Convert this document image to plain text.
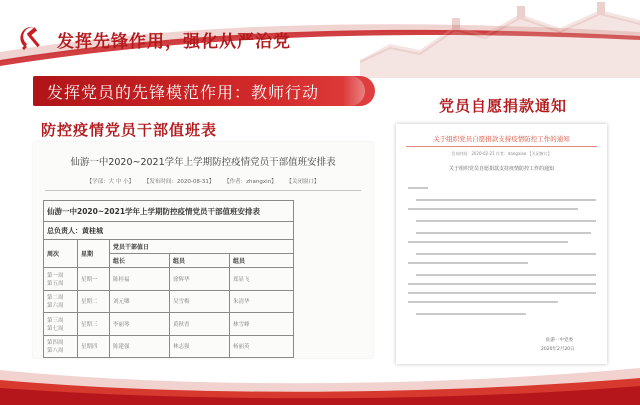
发挥先锋作用，强化从严治党
发挥党员的先锋模范作用：教师行动
防控疫情党员干部值班表
党员自愿捐款通知
仙游一中2020~2021学年上学期防控疫情党员干部值班安排表
【学部：大 中 小】 【发布时间：2020-08-31】 【作者：zhangxin】 【关闭窗口】
仙游一中2020~2021学年上学期防控疫情党员干部值班安排表				
总负责人：黄桂城				
周次	星期	党员干部值日		
		组长	组员	组员

第一周
第五周	星期一	陈桂福	徐辉华	郑显飞

第二周
第六周	星期二	刘元卿	吴雪梅	朱清华

第三周
第七周	星期三	李丽琴	黄秋香	林雪峰

第四周
第八周	星期四	陈建强	林志强	杨丽英
关于组织党员自愿捐款支持疫情防控工作的通知
发布时间：2020-02-21 作者：dangxiao 【关闭窗口】
关于组织党员自愿捐款支持疫情防控工作的通知
仙游一中党委
2020年2月20日
